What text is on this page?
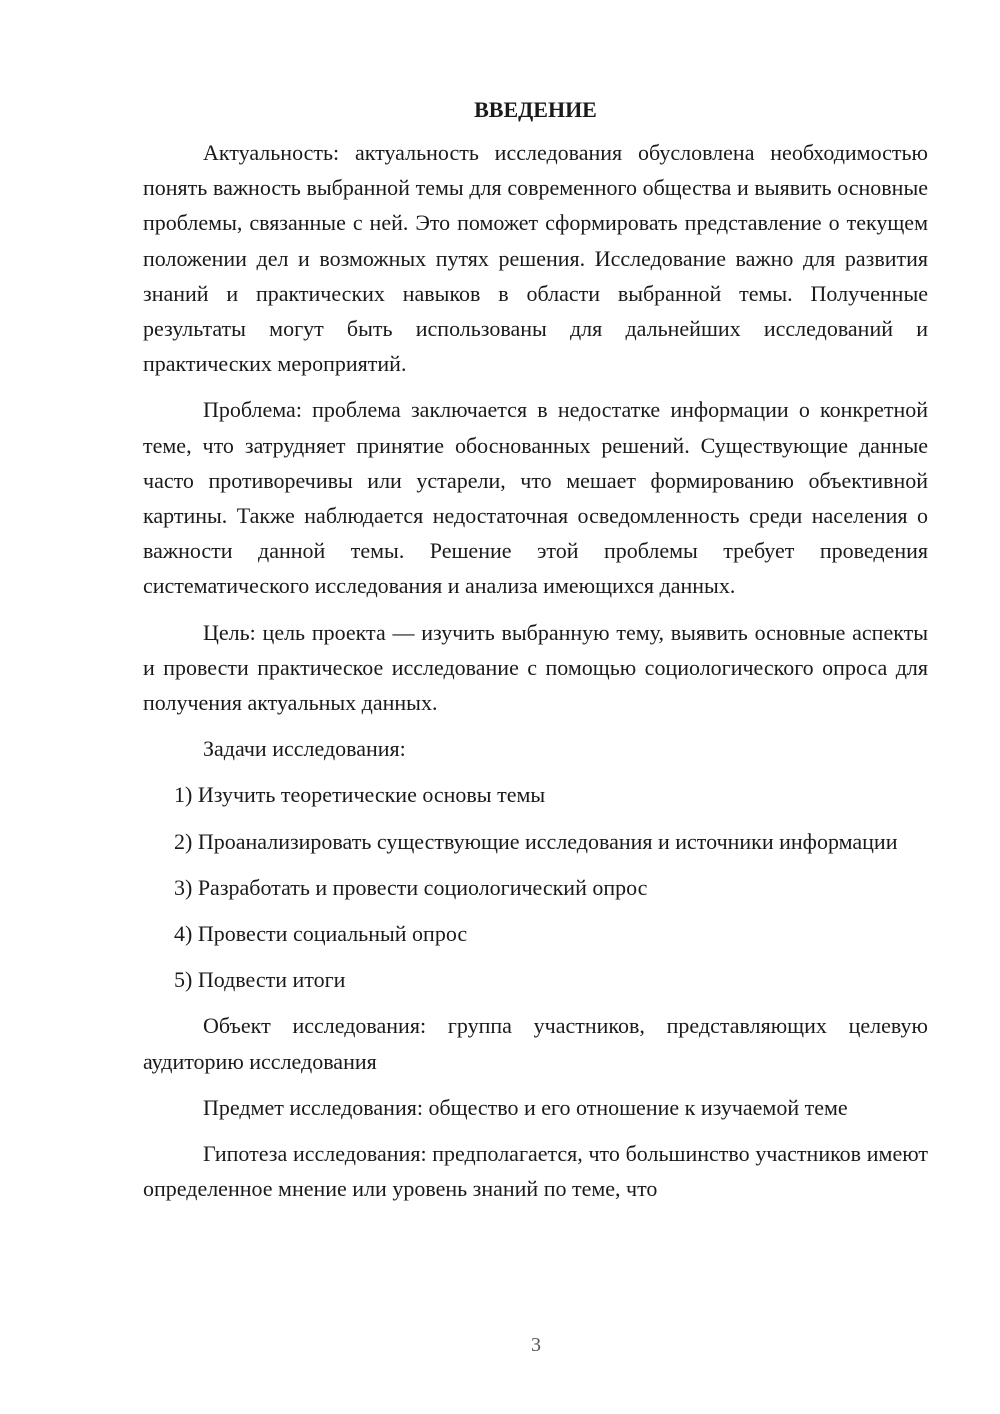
ВВЕДЕНИЕ

Актуальность: актуальность исследования обусловлена необходимостью понять важность выбранной темы для современного общества и выявить основные проблемы, связанные с ней. Это поможет сформировать представление о текущем положении дел и возможных путях решения. Исследование важно для развития знаний и практических навыков в области выбранной темы. Полученные результаты могут быть использованы для дальнейших исследований и практических мероприятий.

Проблема: проблема заключается в недостатке информации о конкретной теме, что затрудняет принятие обоснованных решений. Существующие данные часто противоречивы или устарели, что мешает формированию объективной картины. Также наблюдается недостаточная осведомленность среди населения о важности данной темы. Решение этой проблемы требует проведения систематического исследования и анализа имеющихся данных.

Цель: цель проекта — изучить выбранную тему, выявить основные аспекты и провести практическое исследование с помощью социологического опроса для получения актуальных данных.

Задачи исследования:

1) Изучить теоретические основы темы

2) Проанализировать существующие исследования и источники информации

3) Разработать и провести социологический опрос

4) Провести социальный опрос

5) Подвести итоги

Объект исследования: группа участников, представляющих целевую аудиторию исследования

Предмет исследования: общество и его отношение к изучаемой теме

Гипотеза исследования: предполагается, что большинство участников имеют определенное мнение или уровень знаний по теме, что

3
